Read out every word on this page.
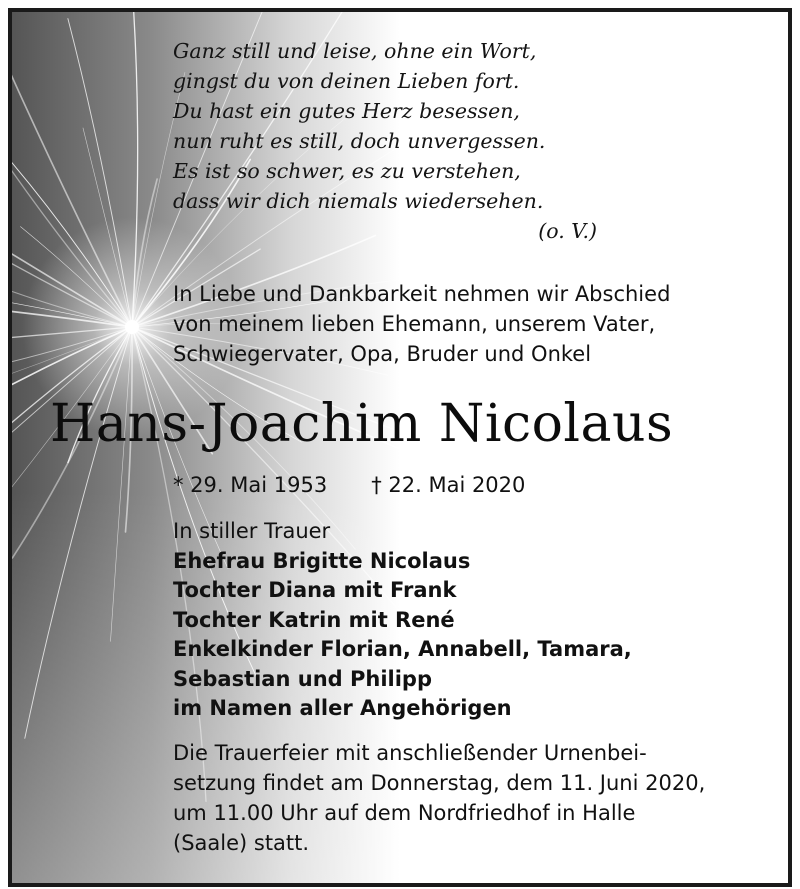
Ganz still und leise, ohne ein Wort,
gingst du von deinen Lieben fort.
Du hast ein gutes Herz besessen,
nun ruht es still, doch unvergessen.
Es ist so schwer, es zu verstehen,
dass wir dich niemals wiedersehen.
(o. V.)
In Liebe und Dankbarkeit nehmen wir Abschied
von meinem lieben Ehemann, unserem Vater,
Schwiegervater, Opa, Bruder und Onkel
Hans-Joachim Nicolaus
* 29. Mai 1953 † 22. Mai 2020
In stiller Trauer
Ehefrau Brigitte Nicolaus
Tochter Diana mit Frank
Tochter Katrin mit René
Enkelkinder Florian, Annabell, Tamara,
Sebastian und Philipp
im Namen aller Angehörigen
Die Trauerfeier mit anschließender Urnenbei-
setzung findet am Donnerstag, dem 11. Juni 2020,
um 11.00 Uhr auf dem Nordfriedhof in Halle
(Saale) statt.
